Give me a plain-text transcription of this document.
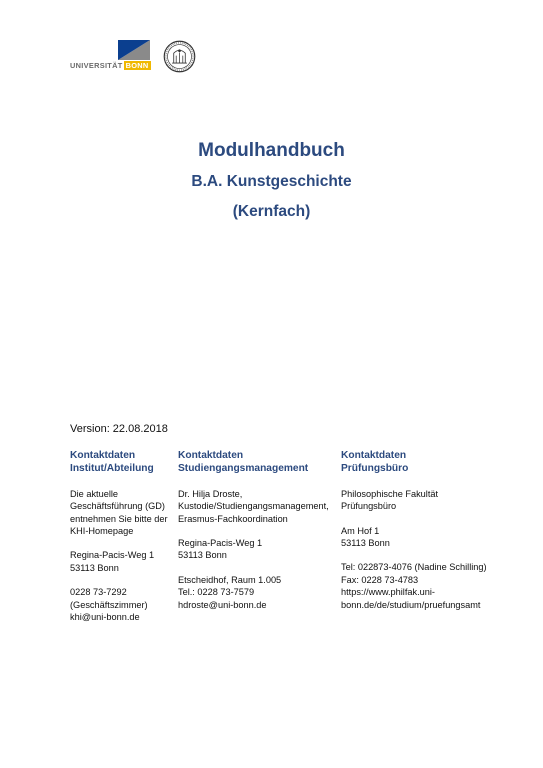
UNIVERSITÄT BONN
Modulhandbuch
B.A. Kunstgeschichte
(Kernfach)
Version: 22.08.2018
Kontaktdaten
Institut/Abteilung

Die aktuelle
Geschäftsführung (GD)
entnehmen Sie bitte der
KHI-Homepage

Regina-Pacis-Weg 1
53113 Bonn

0228 73-7292
(Geschäftszimmer)
khi@uni-bonn.de

Kontaktdaten
Studiengangsmanagement

Dr. Hilja Droste,
Kustodie/Studiengangsmanagement,
Erasmus-Fachkoordination

Regina-Pacis-Weg 1
53113 Bonn

Etscheidhof, Raum 1.005
Tel.: 0228 73-7579
hdroste@uni-bonn.de

Kontaktdaten
Prüfungsbüro

Philosophische Fakultät
Prüfungsbüro

Am Hof 1
53113 Bonn

Tel: 022873-4076 (Nadine Schilling)
Fax: 0228 73-4783
https://www.philfak.uni-
bonn.de/de/studium/pruefungsamt
